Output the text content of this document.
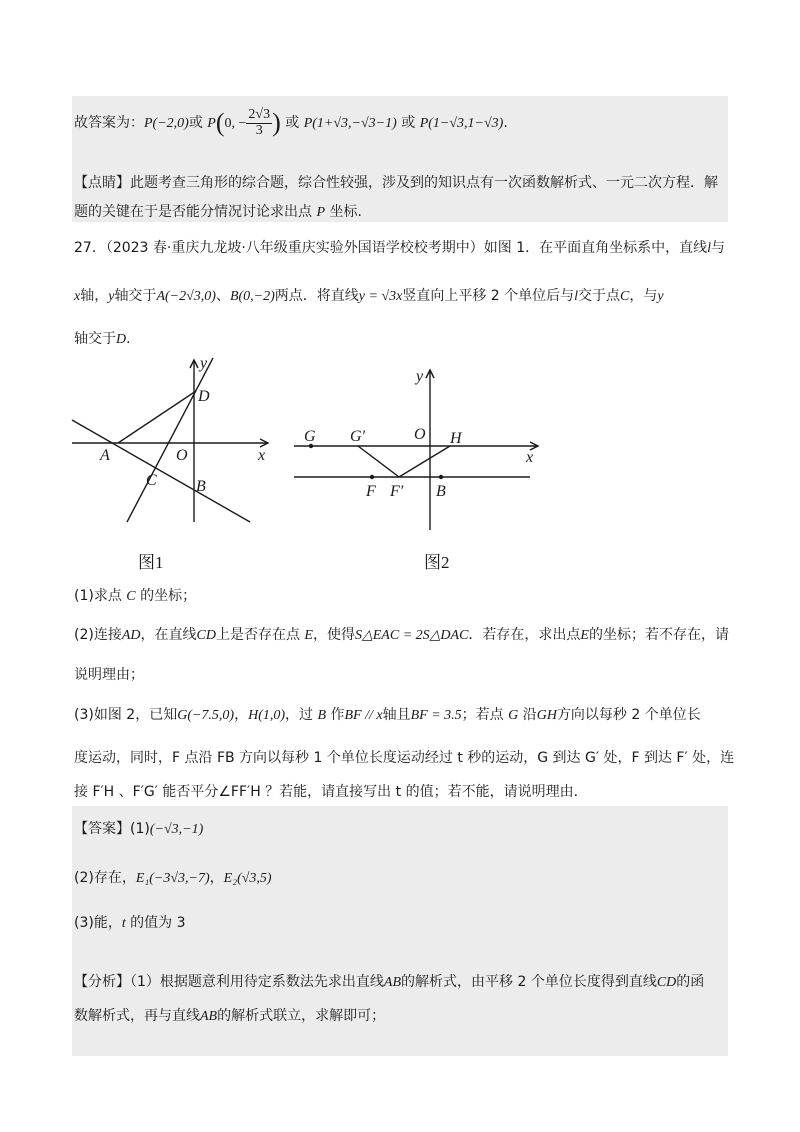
故答案为：P(−2,0)或 P(0, − $\frac{2√3}{3}$ ) 或 P(1+√3,−√3−1) 或 P(1−√3,1−√3).
【点睛】此题考查三角形的综合题，综合性较强，涉及到的知识点有一次函数解析式、一元二次方程．解
题的关键在于是否能分情况讨论求出点 P 坐标.
27．（2023 春·重庆九龙坡·八年级重庆实验外国语学校校考期中）如图 1．在平面直角坐标系中，直线l与
x轴，y轴交于A(−2√3,0)、B(0,−2)两点．将直线y = √3x竖直向上平移 2 个单位后与l交于点C，与y
轴交于D．
y
D
A	O	x
C B
图1
y
G G′	O H
x
F F′ B
图2
(1)求点 C 的坐标；
(2)连接AD，在直线CD上是否存在点 E，使得S△EAC = 2S△DAC．若存在，求出点E的坐标；若不存在，请
说明理由；
(3)如图 2，已知G(−7.5,0)，H(1,0)，过 B 作BF // x轴且BF = 3.5；若点 G 沿GH方向以每秒 2 个单位长
度运动，同时，F 点沿 FB 方向以每秒 1 个单位长度运动经过 t 秒的运动，G 到达 G′ 处，F 到达 F′ 处，连
接 F′H 、F′G′ 能否平分∠FF′H ？若能，请直接写出 t 的值；若不能，请说明理由.
【答案】(1)(−√3,−1)
(2)存在，E₁(−3√3,−7)，E₂(√3,5)
(3)能，t 的值为 3
【分析】（1）根据题意利用待定系数法先求出直线AB的解析式，由平移 2 个单位长度得到直线CD的函
数解析式，再与直线AB的解析式联立，求解即可；
